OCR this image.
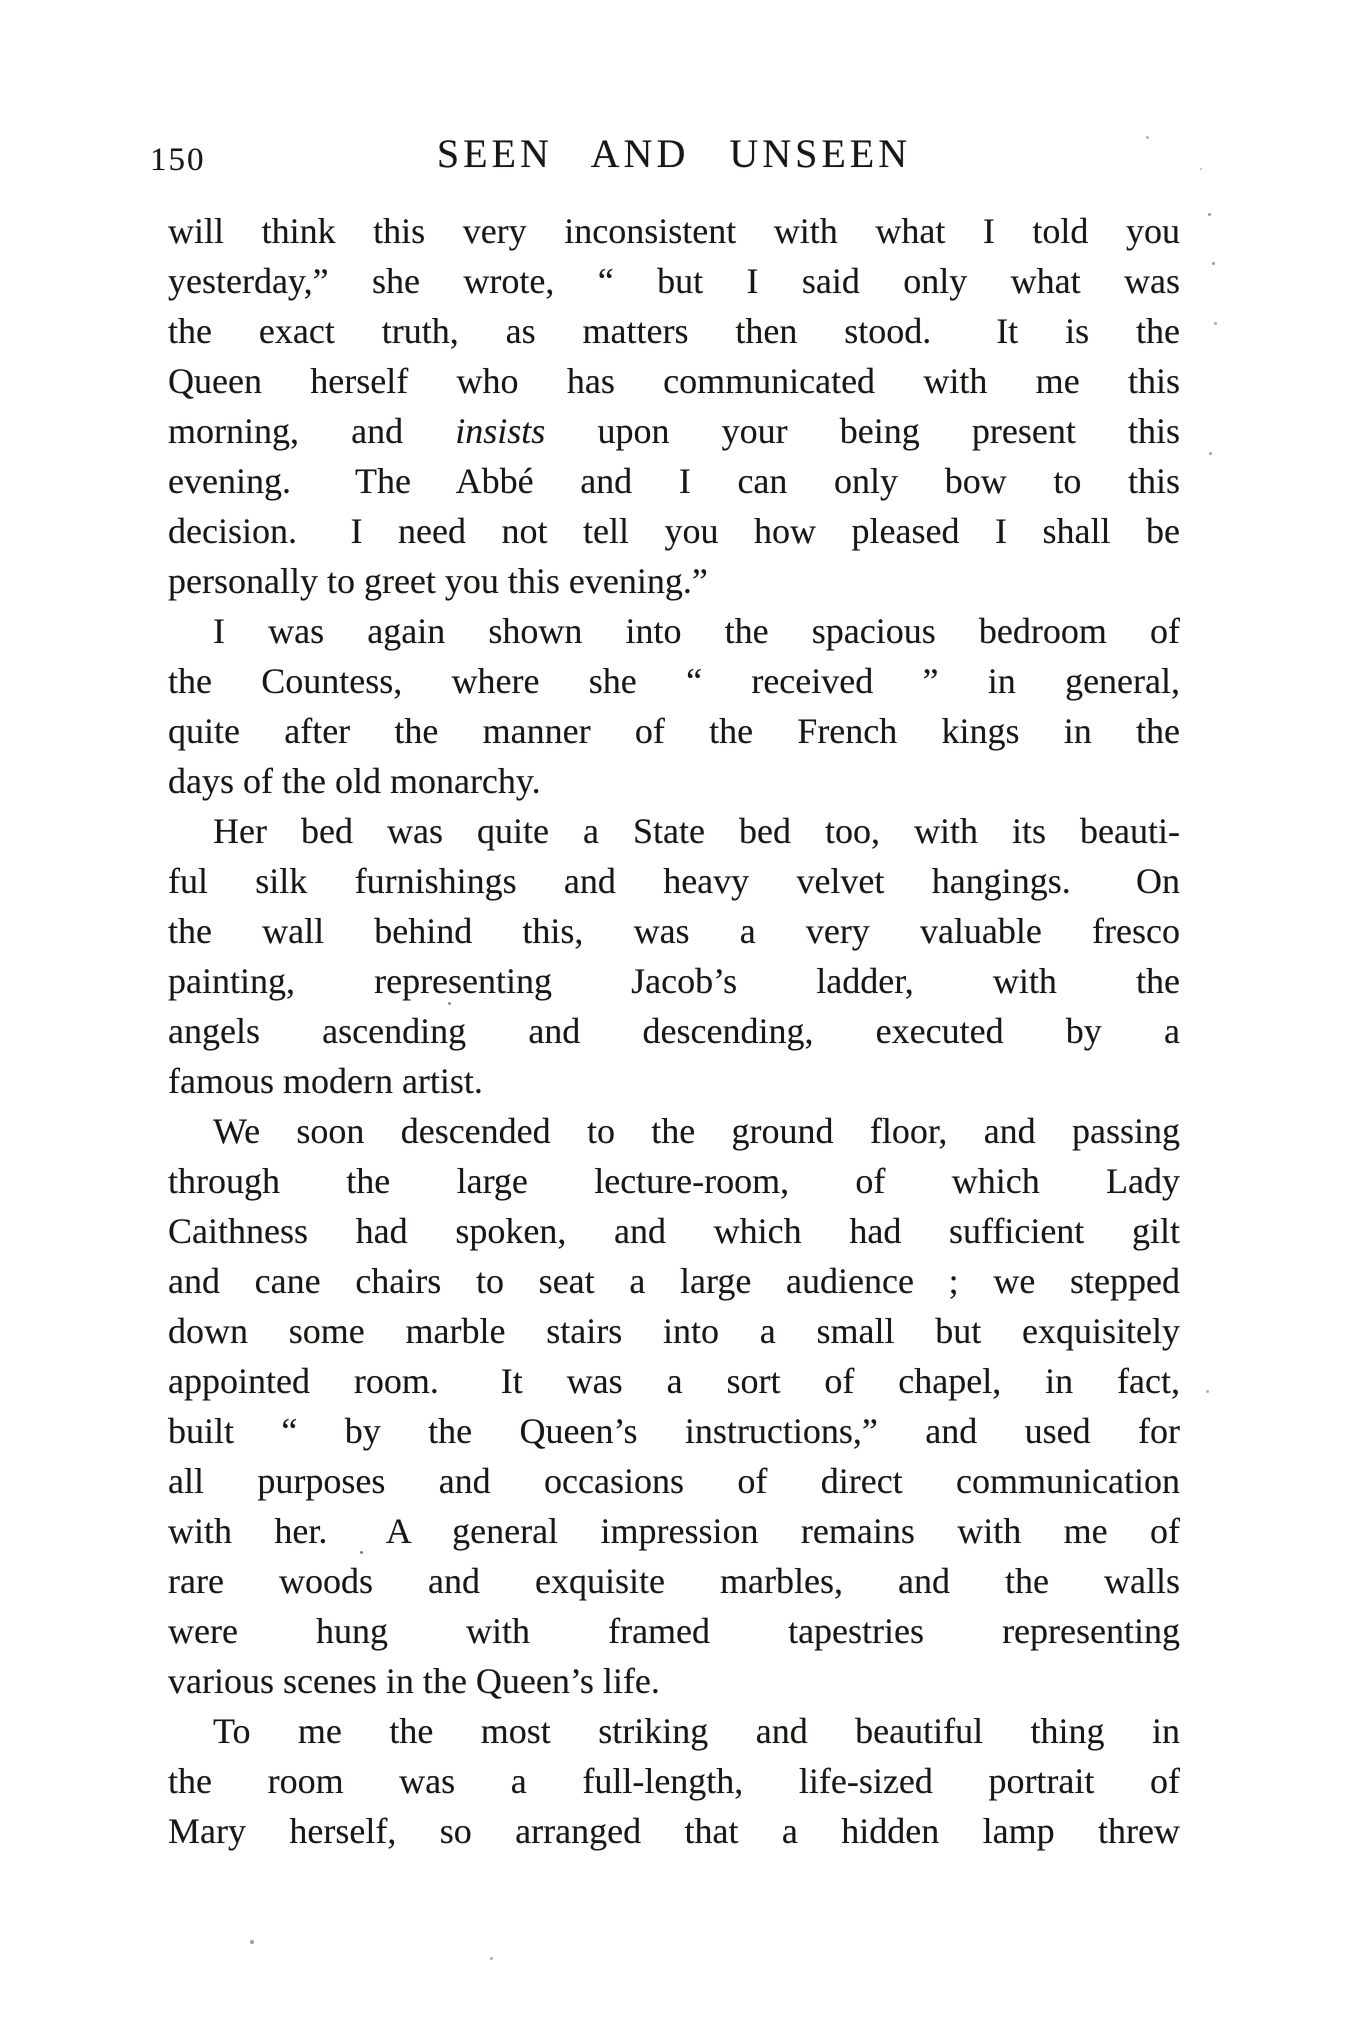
150	SEEN AND UNSEEN
will think this very inconsistent with what I told you
yesterday,” she wrote, “ but I said only what was
the exact truth, as matters then stood.  It is the
Queen herself who has communicated with me this
morning, and insists upon your being present this
evening.  The Abbé and I can only bow to this
decision.  I need not tell you how pleased I shall be
personally to greet you this evening.”
I was again shown into the spacious bedroom of
the Countess, where she “ received ” in general,
quite after the manner of the French kings in the
days of the old monarchy.
Her bed was quite a State bed too, with its beauti-
ful silk furnishings and heavy velvet hangings.  On
the wall behind this, was a very valuable fresco
painting, representing Jacob’s ladder, with the
angels ascending and descending, executed by a
famous modern artist.
We soon descended to the ground floor, and passing
through the large lecture-room, of which Lady
Caithness had spoken, and which had sufficient gilt
and cane chairs to seat a large audience ; we stepped
down some marble stairs into a small but exquisitely
appointed room.  It was a sort of chapel, in fact,
built “ by the Queen’s instructions,” and used for
all purposes and occasions of direct communication
with her.  A general impression remains with me of
rare woods and exquisite marbles, and the walls
were hung with framed tapestries representing
various scenes in the Queen’s life.
To me the most striking and beautiful thing in
the room was a full-length, life-sized portrait of
Mary herself, so arranged that a hidden lamp threw
